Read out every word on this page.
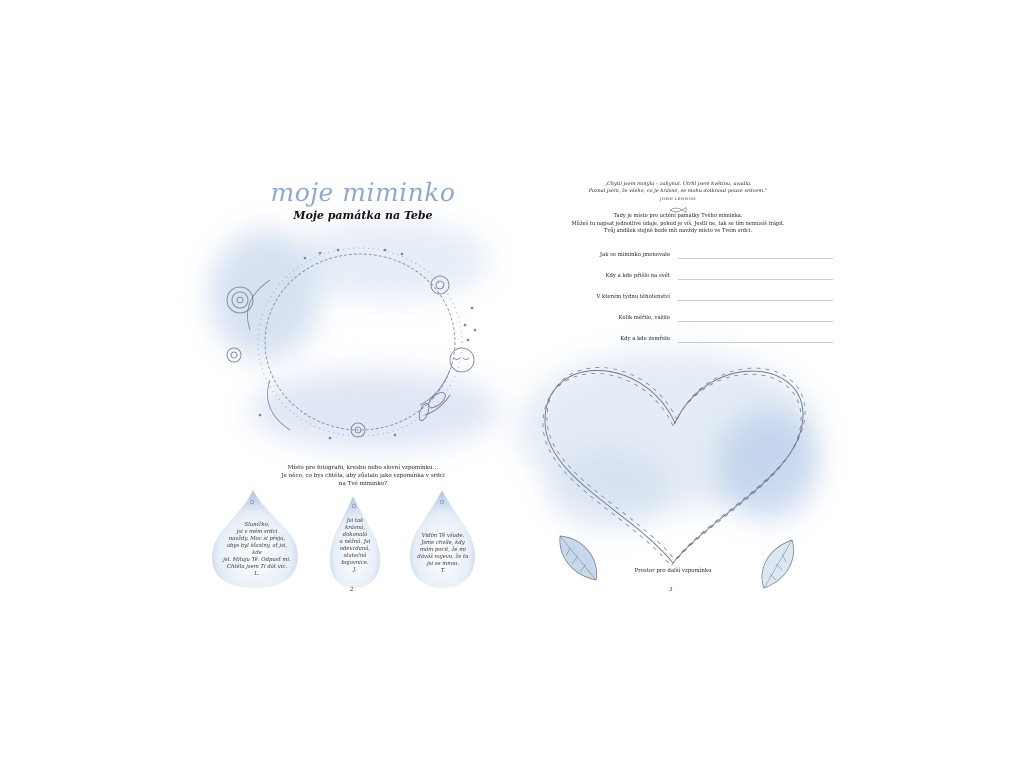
moje miminko
Moje památka na Tebe
Místo pro fotografii, kresbu nebo slovní vzpomínku…
Je něco, co bys chtěla, aby zůstalo jako vzpomínka v srdci
na Tvé miminko?
Sluníčko,
jsi v mém srdci
navždy. Moc si přeju,
abys byl šťastný, ať jsi, kde
jsi. Miluju Tě. Odpusť mi.
Chtěla jsem Ti dát víc.
L.
Jsi tak
krásná,
dokonalá
a něžná. Jsi
odevzdaná,
statečná
bojovnice.
J.
Vidím Tě všude.
Jsme chvíle, kdy
mám pocit, že mi
dáváš najevo, že tu
jsi se mnou.
T.
2
„Chytil jsem motýla – zahynul. Utrhl jsem květinu, uvadla.
Poznal jsem, že všeho, co je krásné, se mohu dotknout pouze srdcem.“
JOHN LENNON
Tady je místo pro uctění památky Tvého miminka.
Můžeš tu napsat jednotlivé údaje, pokud je víš. Jestli ne, tak se tím nemusíš trápit.
Tvůj andílek stejně bude mít navždy místo ve Tvém srdci.
Jak se miminko jmenovalo
Kdy a kde přišlo na svět
V kterém týdnu těhotenství
Kolik měřilo, vážilo
Kdy a kde zemřelo
Prostor pro další vzpomínku
3
